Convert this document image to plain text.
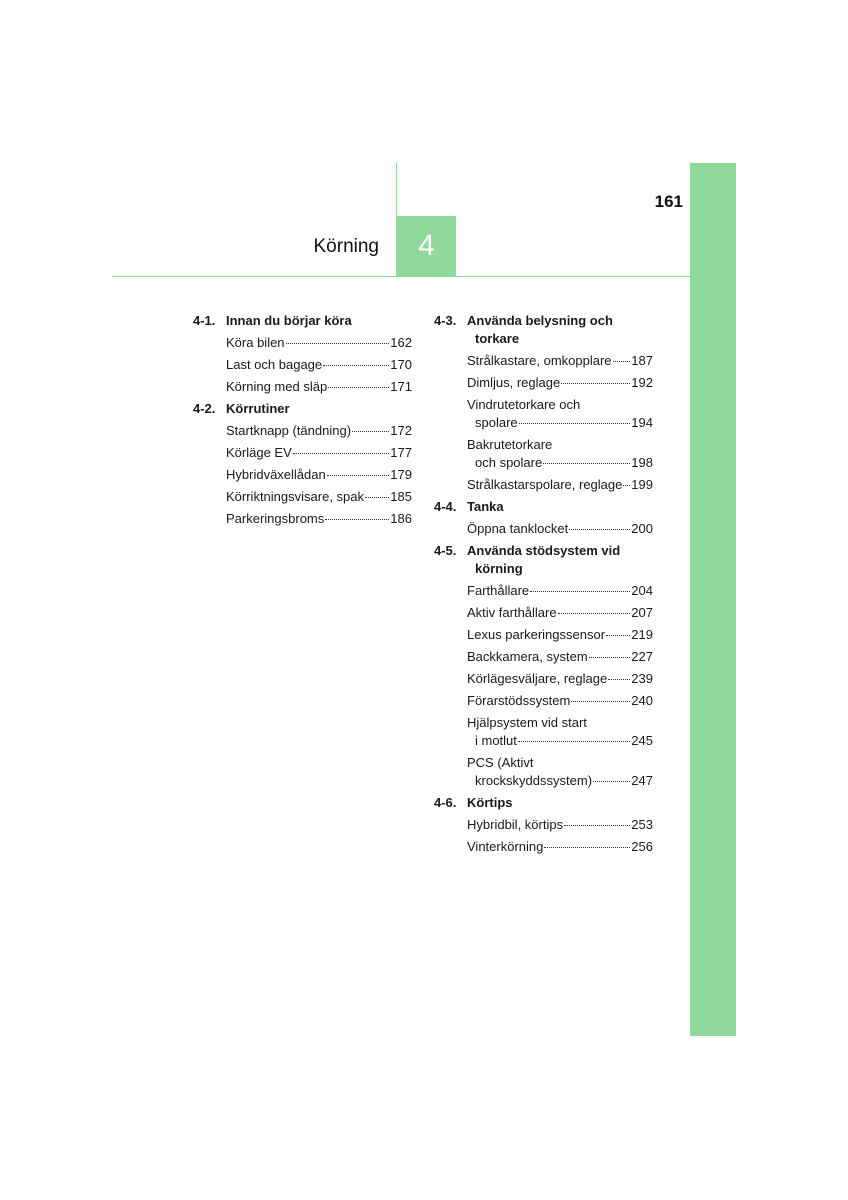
4
Körning
161
4-1. Innan du börjar köra
Köra bilen	162
Last och bagage	170
Körning med släp	171
4-2. Körrutiner
Startknapp (tändning)	172
Körläge EV	177
Hybridväxellådan	179
Körriktningsvisare, spak 185
Parkeringsbroms	186
4-3. Använda belysning och
torkare
Strålkastare, omkopplare 187
Dimljus, reglage	192
Vindrutetorkare och
spolare	194
Bakrutetorkare
och spolare	198
Strålkastarspolare, reglage 199
4-4. Tanka
Öppna tanklocket	200
4-5. Använda stödsystem vid
körning
Farthållare	204
Aktiv farthållare	207
Lexus parkeringssensor 219
Backkamera, system	227
Körlägesväljare, reglage 239
Förarstödssystem	240
Hjälpsystem vid start
i motlut	245
PCS (Aktivt
krockskyddssystem)	247
4-6. Körtips
Hybridbil, körtips	253
Vinterkörning	256
